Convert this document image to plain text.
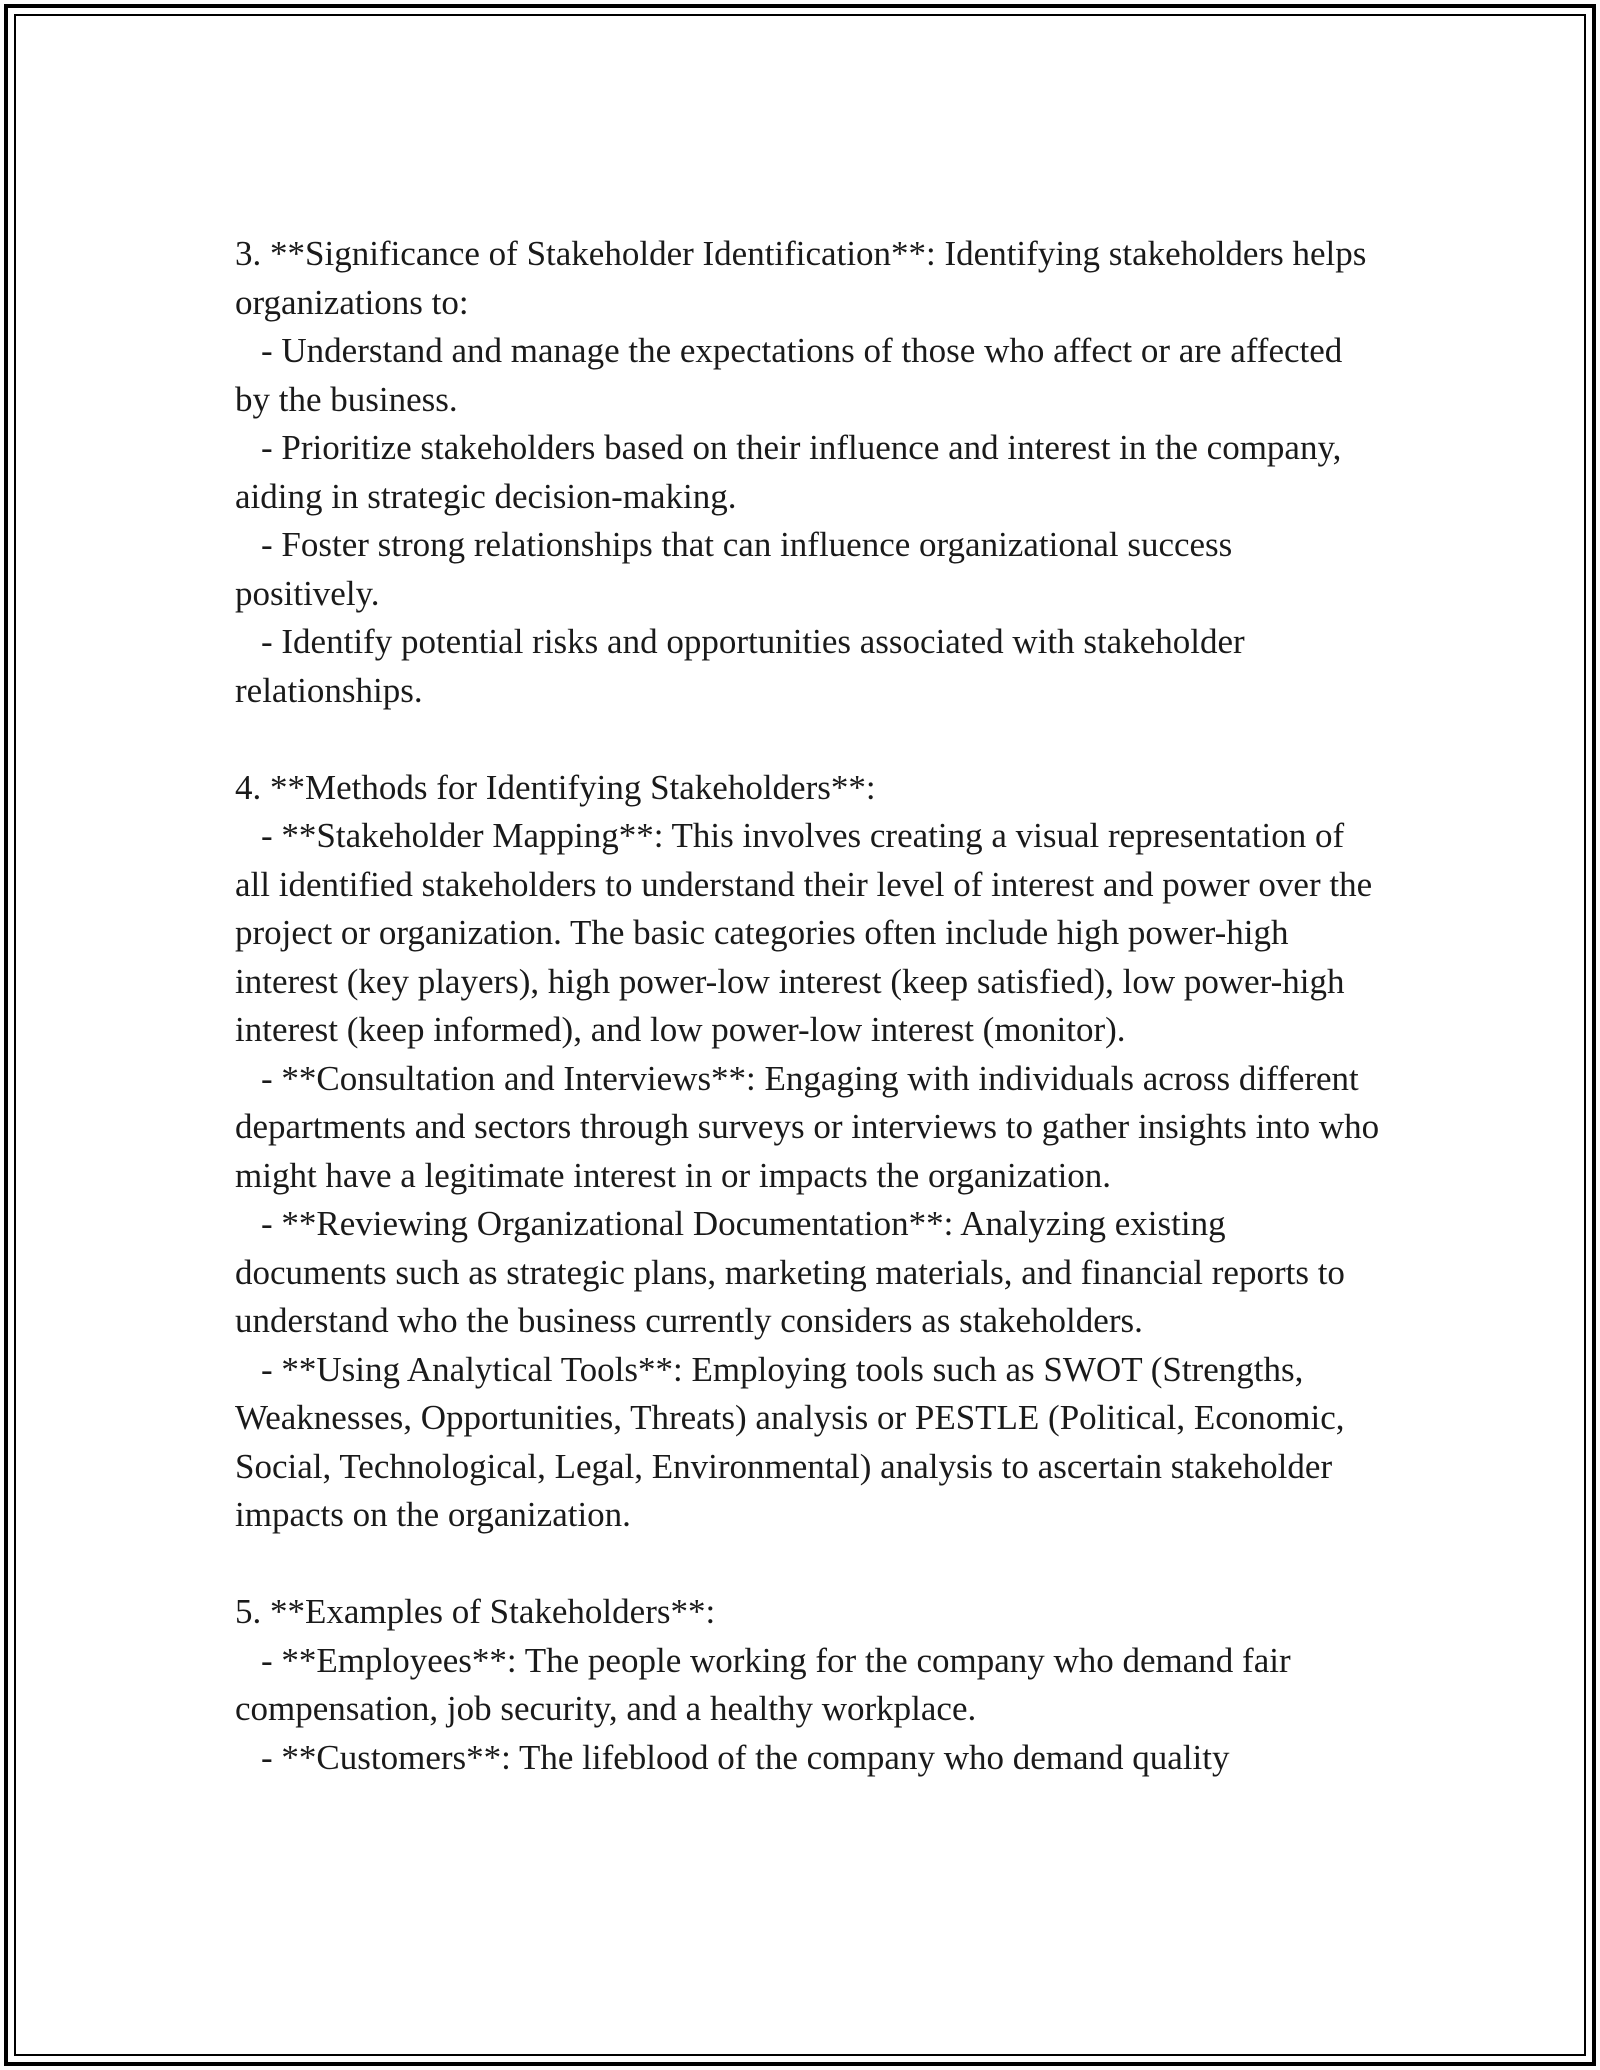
3. **Significance of Stakeholder Identification**: Identifying stakeholders helps organizations to:

- Understand and manage the expectations of those who affect or are affected by the business.

- Prioritize stakeholders based on their influence and interest in the company, aiding in strategic decision-making.

- Foster strong relationships that can influence organizational success positively.

- Identify potential risks and opportunities associated with stakeholder relationships.

4. **Methods for Identifying Stakeholders**:

- **Stakeholder Mapping**: This involves creating a visual representation of all identified stakeholders to understand their level of interest and power over the project or organization. The basic categories often include high power-high interest (key players), high power-low interest (keep satisfied), low power-high interest (keep informed), and low power-low interest (monitor).

- **Consultation and Interviews**: Engaging with individuals across different departments and sectors through surveys or interviews to gather insights into who might have a legitimate interest in or impacts the organization.

- **Reviewing Organizational Documentation**: Analyzing existing documents such as strategic plans, marketing materials, and financial reports to understand who the business currently considers as stakeholders.

- **Using Analytical Tools**: Employing tools such as SWOT (Strengths, Weaknesses, Opportunities, Threats) analysis or PESTLE (Political, Economic, Social, Technological, Legal, Environmental) analysis to ascertain stakeholder impacts on the organization.

5. **Examples of Stakeholders**:

- **Employees**: The people working for the company who demand fair compensation, job security, and a healthy workplace.

- **Customers**: The lifeblood of the company who demand quality
